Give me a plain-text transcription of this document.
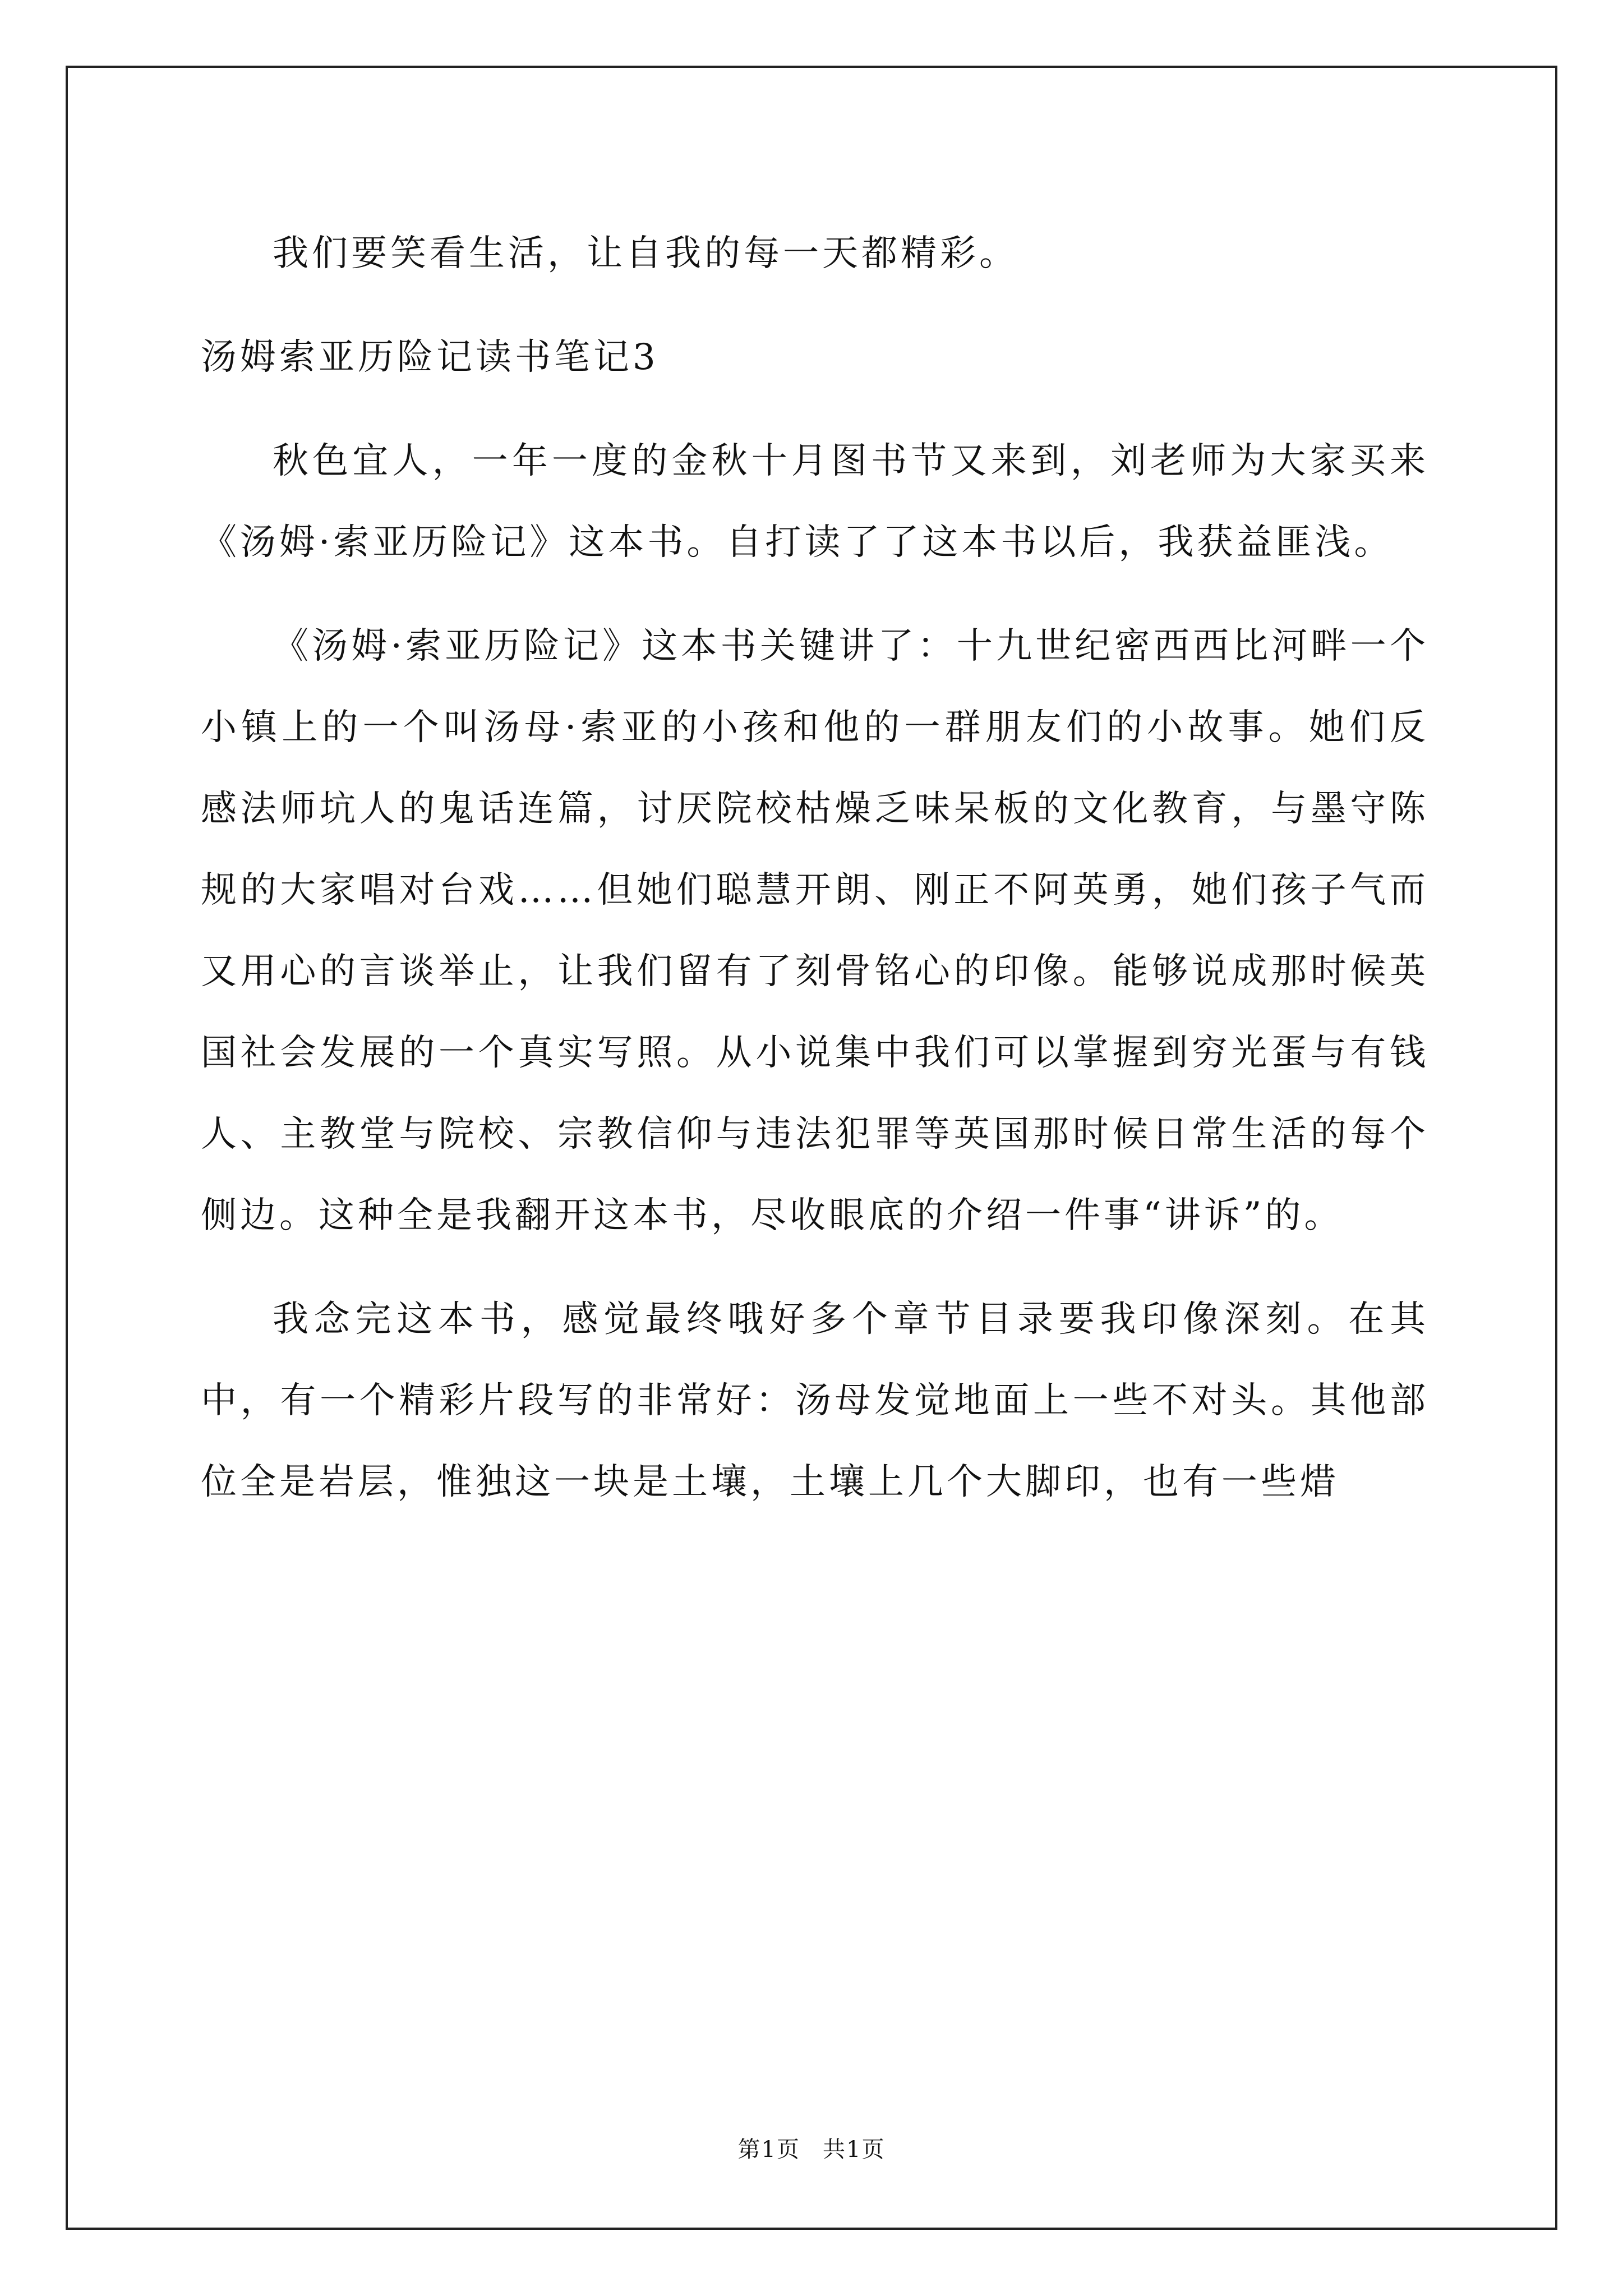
我们要笑看生活，让自我的每一天都精彩。

汤姆索亚历险记读书笔记3

秋色宜人，一年一度的金秋十月图书节又来到，刘老师为大家买来《汤姆·索亚历险记》这本书。自打读了了这本书以后，我获益匪浅。

《汤姆·索亚历险记》这本书关键讲了：十九世纪密西西比河畔一个小镇上的一个叫汤母·索亚的小孩和他的一群朋友们的小故事。她们反感法师坑人的鬼话连篇，讨厌院校枯燥乏味呆板的文化教育，与墨守陈规的大家唱对台戏……但她们聪慧开朗、刚正不阿英勇，她们孩子气而又用心的言谈举止，让我们留有了刻骨铭心的印像。能够说成那时候英国社会发展的一个真实写照。从小说集中我们可以掌握到穷光蛋与有钱人、主教堂与院校、宗教信仰与违法犯罪等英国那时候日常生活的每个侧边。这种全是我翻开这本书，尽收眼底的介绍一件事“讲诉”的。

我念完这本书，感觉最终哦好多个章节目录要我印像深刻。在其中，有一个精彩片段写的非常好：汤母发觉地面上一些不对头。其他部位全是岩层，惟独这一块是土壤，土壤上几个大脚印，也有一些焟

第1页 共1页
